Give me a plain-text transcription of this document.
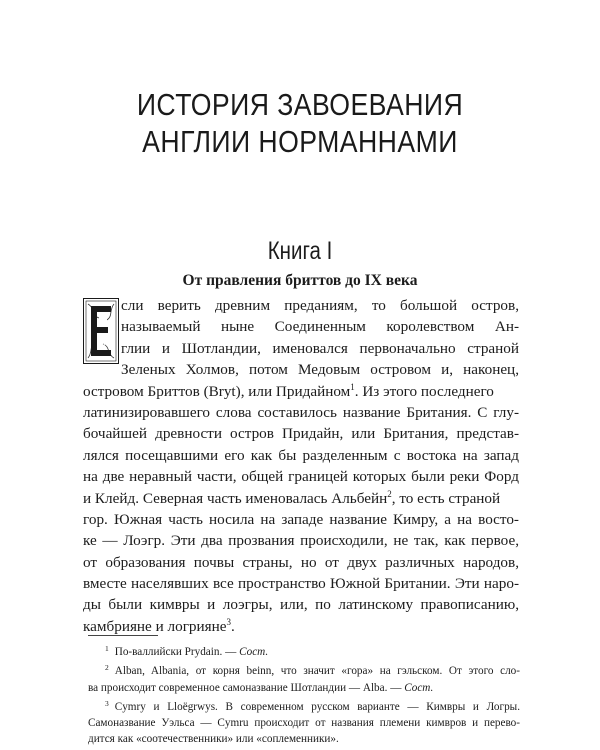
ИСТОРИЯ ЗАВОЕВАНИЯ
АНГЛИИ НОРМАННАМИ
Книга I
От правления бриттов до IX века
сли верить древним преданиям, то большой остров,
называемый ныне Соединенным королевством Ан-
глии и Шотландии, именовался первоначально страной
Зеленых Холмов, потом Медовым островом и, наконец,
островом Бриттов (Bryt), или Придайном$^1$. Из этого последнего
латинизировавшего слова составилось название Британия. С глу-
бочайшей древности остров Придайн, или Британия, представ-
лялся посещавшими его как бы разделенным с востока на запад
на две неравный части, общей границей которых были реки Форд
и Клейд. Северная часть именовалась Альбейн$^2$, то есть страной
гор. Южная часть носила на западе название Кимру, а на восто-
ке — Лоэгр. Эти два прозвания происходили, не так, как первое,
от образования почвы страны, но от двух различных народов,
вместе населявших все пространство Южной Британии. Эти наро-
ды были кимвры и лоэгры, или, по латинскому правописанию,
камбрияне и логрияне$^3$.
$^1$ По-валлийски Prydain. — Сост.
$^2$ Alban, Albania, от корня beinn, что значит «гора» на гэльском. От этого сло-
ва происходит современное самоназвание Шотландии — Alba. — Сост.
$^3$ Cymry и Lloëgrwys. В современном русском варианте — Кимвры и Логры.
Самоназвание Уэльса — Cymru происходит от названия племени кимвров и перево-
дится как «соотечественники» или «соплеменники».
